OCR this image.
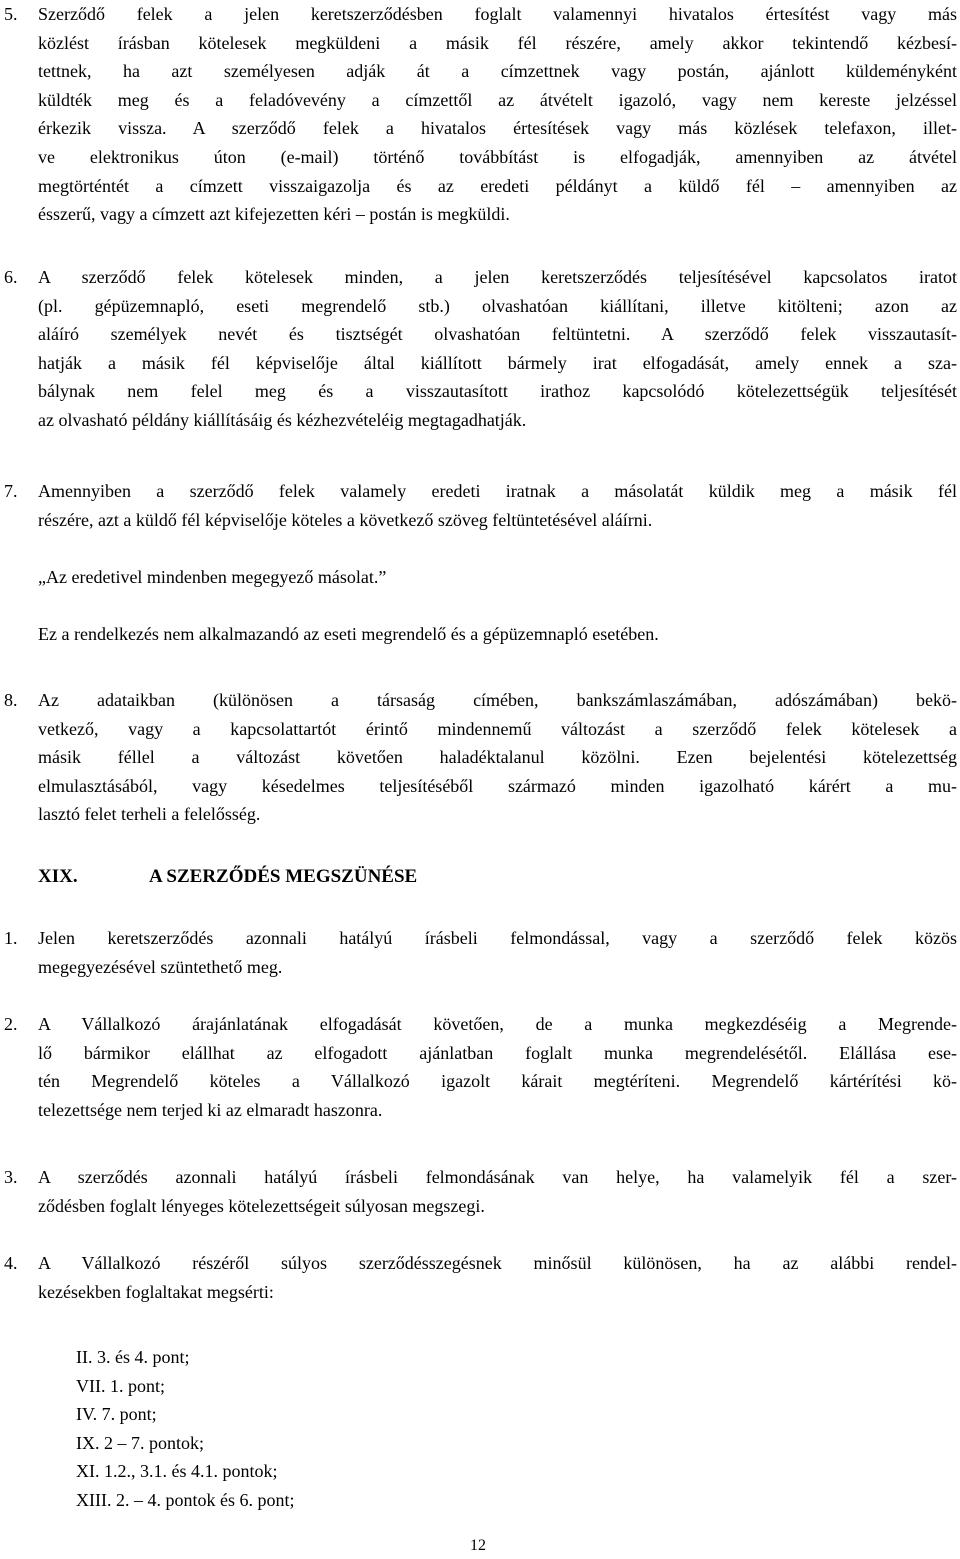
5. Szerződő felek a jelen keretszerződésben foglalt valamennyi hivatalos értesítést vagy más
közlést írásban kötelesek megküldeni a másik fél részére, amely akkor tekintendő kézbesí-
tettnek, ha azt személyesen adják át a címzettnek vagy postán, ajánlott küldeményként
küldték meg és a feladóvevény a címzettől az átvételt igazoló, vagy nem kereste jelzéssel
érkezik vissza. A szerződő felek a hivatalos értesítések vagy más közlések telefaxon, illet-
ve elektronikus úton (e-mail) történő továbbítást is elfogadják, amennyiben az átvétel
megtörténtét a címzett visszaigazolja és az eredeti példányt a küldő fél – amennyiben az
ésszerű, vagy a címzett azt kifejezetten kéri – postán is megküldi.
6. A szerződő felek kötelesek minden, a jelen keretszerződés teljesítésével kapcsolatos iratot
(pl. gépüzemnapló, eseti megrendelő stb.) olvashatóan kiállítani, illetve kitölteni; azon az
aláíró személyek nevét és tisztségét olvashatóan feltüntetni. A szerződő felek visszautasít-
hatják a másik fél képviselője által kiállított bármely irat elfogadását, amely ennek a sza-
bálynak nem felel meg és a visszautasított irathoz kapcsolódó kötelezettségük teljesítését
az olvasható példány kiállításáig és kézhezvételéig megtagadhatják.
7. Amennyiben a szerződő felek valamely eredeti iratnak a másolatát küldik meg a másik fél
részére, azt a küldő fél képviselője köteles a következő szöveg feltüntetésével aláírni.
„Az eredetivel mindenben megegyező másolat.”
Ez a rendelkezés nem alkalmazandó az eseti megrendelő és a gépüzemnapló esetében.
8. Az adataikban (különösen a társaság címében, bankszámlaszámában, adószámában) bekö-
vetkező, vagy a kapcsolattartót érintő mindennemű változást a szerződő felek kötelesek a
másik féllel a változást követően haladéktalanul közölni. Ezen bejelentési kötelezettség
elmulasztásából, vagy késedelmes teljesítéséből származó minden igazolható kárért a mu-
lasztó felet terheli a felelősség.
XIX.	A SZERZŐDÉS MEGSZÜNÉSE
1. Jelen keretszerződés azonnali hatályú írásbeli felmondással, vagy a szerződő felek közös
megegyezésével szüntethető meg.
2. A Vállalkozó árajánlatának elfogadását követően, de a munka megkezdéséig a Megrende-
lő bármikor elállhat az elfogadott ajánlatban foglalt munka megrendelésétől. Elállása ese-
tén Megrendelő köteles a Vállalkozó igazolt kárait megtéríteni. Megrendelő kártérítési kö-
telezettsége nem terjed ki az elmaradt haszonra.
3. A szerződés azonnali hatályú írásbeli felmondásának van helye, ha valamelyik fél a szer-
ződésben foglalt lényeges kötelezettségeit súlyosan megszegi.
4. A Vállalkozó részéről súlyos szerződésszegésnek minősül különösen, ha az alábbi rendel-
kezésekben foglaltakat megsérti:
II. 3. és 4. pont;
VII. 1. pont;
IV. 7. pont;
IX. 2 – 7. pontok;
XI. 1.2., 3.1. és 4.1. pontok;
XIII. 2. – 4. pontok és 6. pont;
12
